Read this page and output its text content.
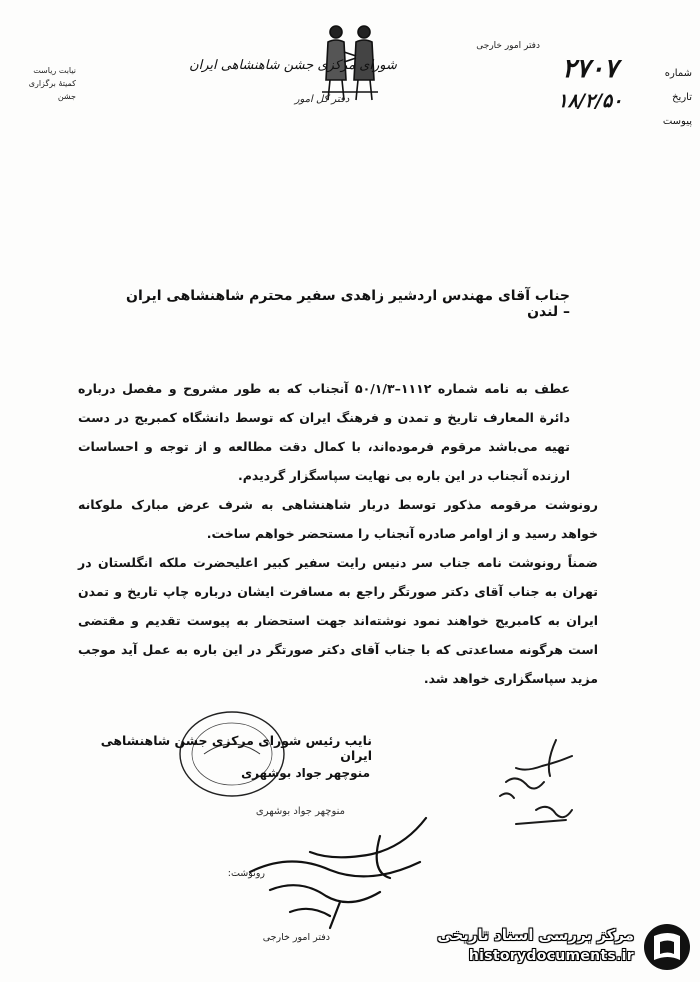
نیابت ریاست
کمیتهٔ برگزاری
جشن
دفتر امور خارجی
شورای مرکزی جشن شاهنشاهی ایران
دفتر کل امور
شماره
تاریخ
پیوست
۲۷۰۷
۱۸/۲/۵۰
جناب آقای مهندس اردشیر زاهدی سفیر محترم شاهنشاهی ایران – لندن

عطف به نامه شماره ۱۱۱۲–۵۰/۱/۳ آنجناب که به طور مشروح و مفصل درباره دائرة المعارف تاریخ و تمدن و فرهنگ ایران که توسط دانشگاه کمبریج در دست تهیه می‌باشد مرقوم فرموده‌اند، با کمال دقت مطالعه و از توجه و احساسات ارزنده آنجناب در این باره بی نهایت سپاسگزار گردیدم.

رونوشت مرقومه مذکور توسط دربار شاهنشاهی به شرف عرض مبارک ملوکانه خواهد رسید و از اوامر صادره آنجناب را مستحضر خواهم ساخت.

ضمناً رونوشت نامه جناب سر دنیس رایت سفیر کبیر اعلیحضرت ملکه انگلستان در تهران به جناب آقای دکتر صورتگر راجع به مسافرت ایشان درباره چاپ تاریخ و تمدن ایران به کامبریج خواهند نمود نوشته‌اند جهت استحضار به پیوست تقدیم و مقتضی است هرگونه مساعدتی که با جناب آقای دکتر صورتگر در این باره به عمل آید موجب مزید سپاسگزاری خواهد شد.

نایب رئیس شورای مرکزی جشن شاهنشاهی ایران
منوچهر جواد بوشهری
منوچهر جواد بوشهری
رونوشت:
دفتر امور خارجی	مرکز بررسی اسناد تاریخی
historydocuments.ir
